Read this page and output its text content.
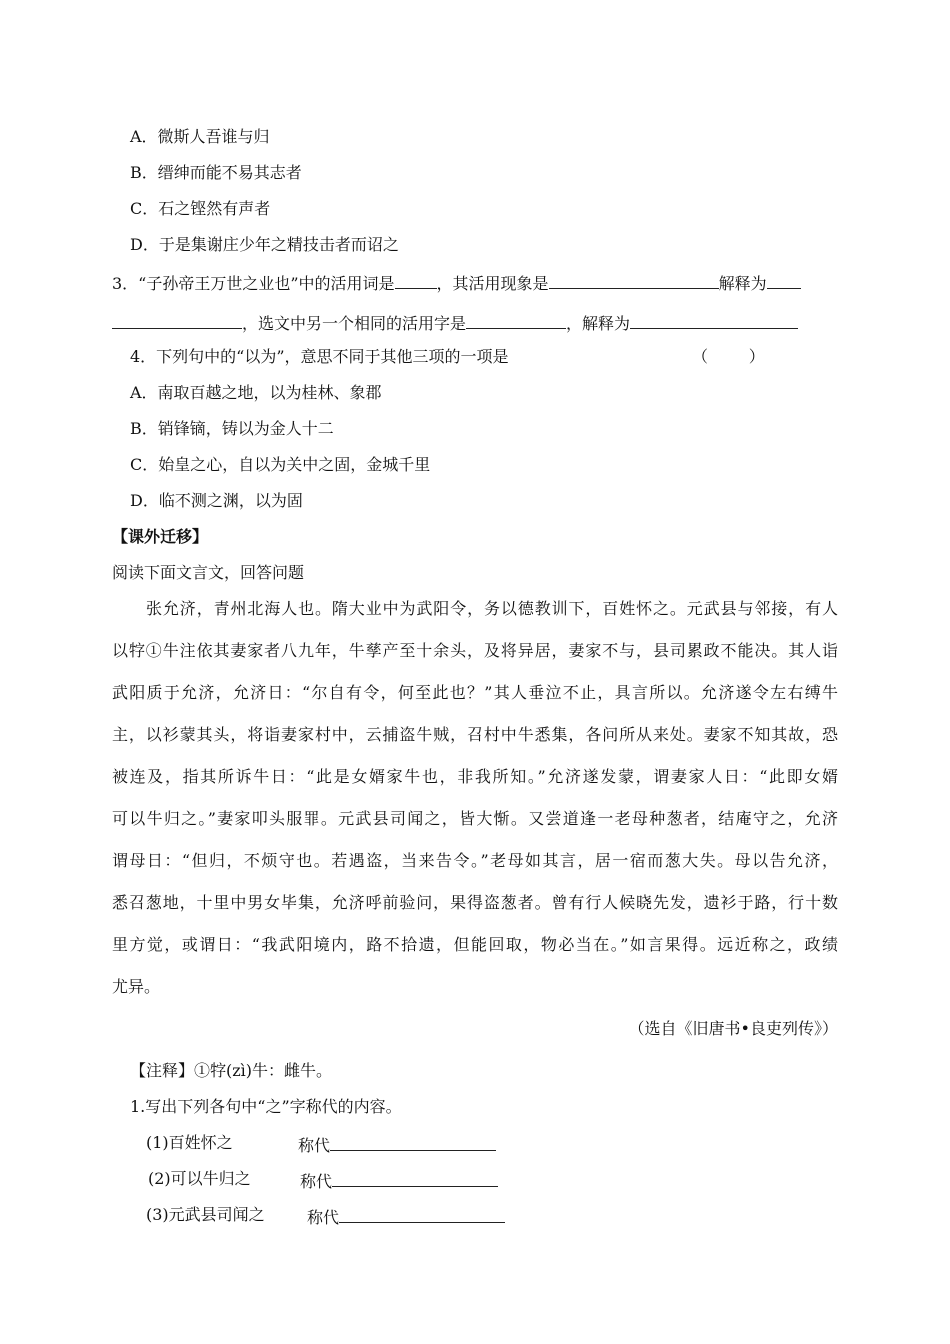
A．微斯人吾谁与归
B．缙绅而能不易其志者
C．石之铿然有声者
D．于是集谢庄少年之精技击者而诏之
3．“子孙帝王万世之业也”中的活用词是	，其活用现象是	解释为
，选文中另一个相同的活用字是	，解释为
4．下列句中的“以为”，意思不同于其他三项的一项是	（        ）
A．南取百越之地，以为桂林、象郡
B．销锋镝，铸以为金人十二
C．始皇之心，自以为关中之固，金城千里
D．临不测之渊，以为固
【课外迁移】
阅读下面文言文，回答问题
张允济，青州北海人也。隋大业中为武阳令，务以德教训下，百姓怀之。元武县与邻接，有人
以牸①牛注依其妻家者八九年，牛孳产至十余头，及将异居，妻家不与，县司累政不能决。其人诣
武阳质于允济，允济日：“尔自有令，何至此也？”其人垂泣不止，具言所以。允济遂令左右缚牛
主，以衫蒙其头，将诣妻家村中，云捕盗牛贼，召村中牛悉集，各问所从来处。妻家不知其故，恐
被连及，指其所诉牛日：“此是女婿家牛也，非我所知。”允济遂发蒙，谓妻家人日：“此即女婿
可以牛归之。”妻家叩头服罪。元武县司闻之，皆大惭。又尝道逢一老母种葱者，结庵守之，允济
谓母日：“但归，不烦守也。若遇盗，当来告令。”老母如其言，居一宿而葱大失。母以告允济，
悉召葱地，十里中男女毕集，允济呼前验问，果得盗葱者。曾有行人候晓先发，遗衫于路，行十数
里方觉，或谓日：“我武阳境内，路不拾遗，但能回取，物必当在。”如言果得。远近称之，政绩
尤异。
（选自《旧唐书•良吏列传》）
【注释】①牸(zì)牛：雌牛。
1.写出下列各句中“之”字称代的内容。
(1)百姓怀之	称代
(2)可以牛归之	称代
(3)元武县司闻之	称代
